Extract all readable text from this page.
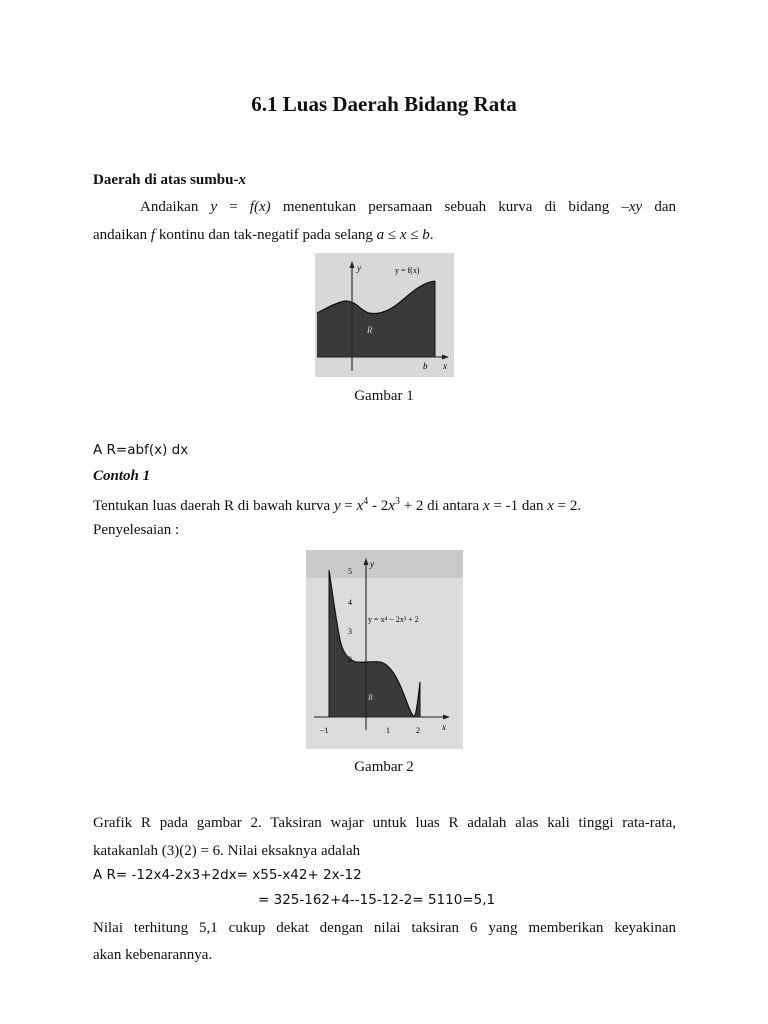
6.1 Luas Daerah Bidang Rata
Daerah di atas sumbu-x
Andaikan y = f(x) menentukan persamaan sebuah kurva di bidang –xy dan
andaikan f kontinu dan tak-negatif pada selang a ≤ x ≤ b.
y	y = f(x)
R
b x
Gambar 1
A R=abf(x) dx
Contoh 1
Tentukan luas daerah R di bawah kurva $y = x^4 - 2x^3 + 2$ di antara x = -1 dan x = 2.
Penyelesaian :
y
x
5
4
3
2
−1	1	2
y = x⁴ − 2x³ + 2
R
Gambar 2
Grafik R pada gambar 2. Taksiran wajar untuk luas R adalah alas kali tinggi rata-rata,
katakanlah (3)(2) = 6. Nilai eksaknya adalah
A R= -12x4-2x3+2dx= x55-x42+ 2x-12
= 325-162+4--15-12-2= 5110=5,1
Nilai terhitung 5,1 cukup dekat dengan nilai taksiran 6 yang memberikan keyakinan
akan kebenarannya.
